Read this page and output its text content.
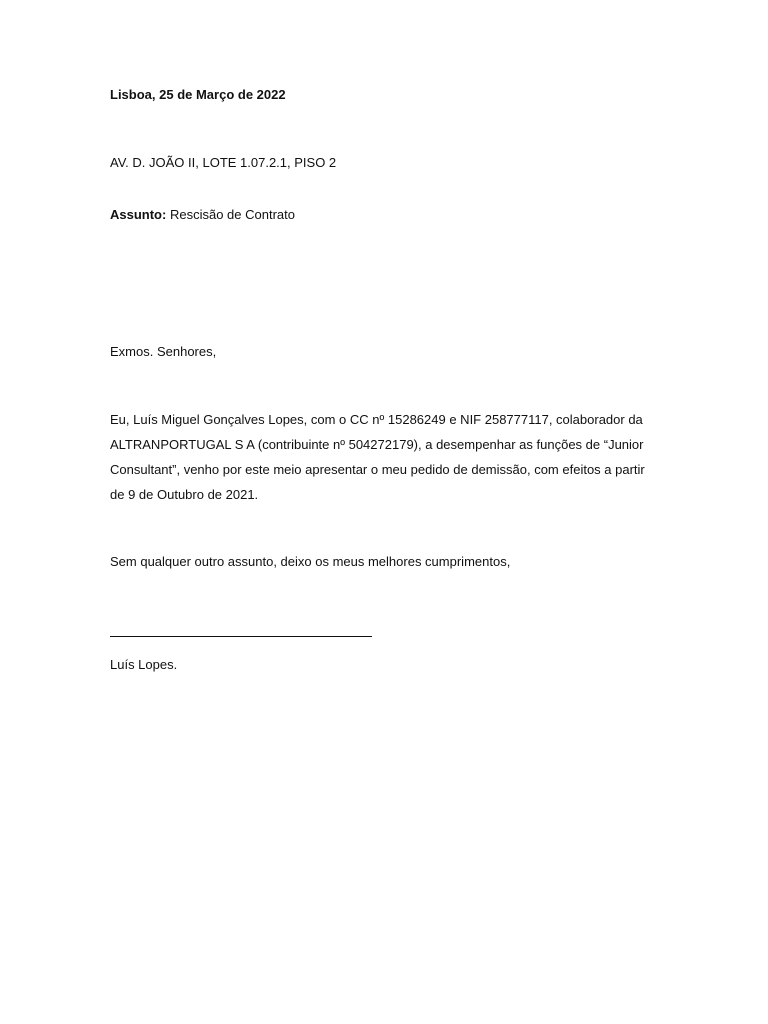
Lisboa, 25 de Março de 2022
AV. D. JOÃO II, LOTE 1.07.2.1, PISO 2
Assunto: Rescisão de Contrato
Exmos. Senhores,
Eu, Luís Miguel Gonçalves Lopes, com o CC nº 15286249 e NIF 258777117, colaborador da
ALTRANPORTUGAL S A (contribuinte nº 504272179), a desempenhar as funções de “Junior
Consultant”, venho por este meio apresentar o meu pedido de demissão, com efeitos a partir
de 9 de Outubro de 2021.
Sem qualquer outro assunto, deixo os meus melhores cumprimentos,
Luís Lopes.
